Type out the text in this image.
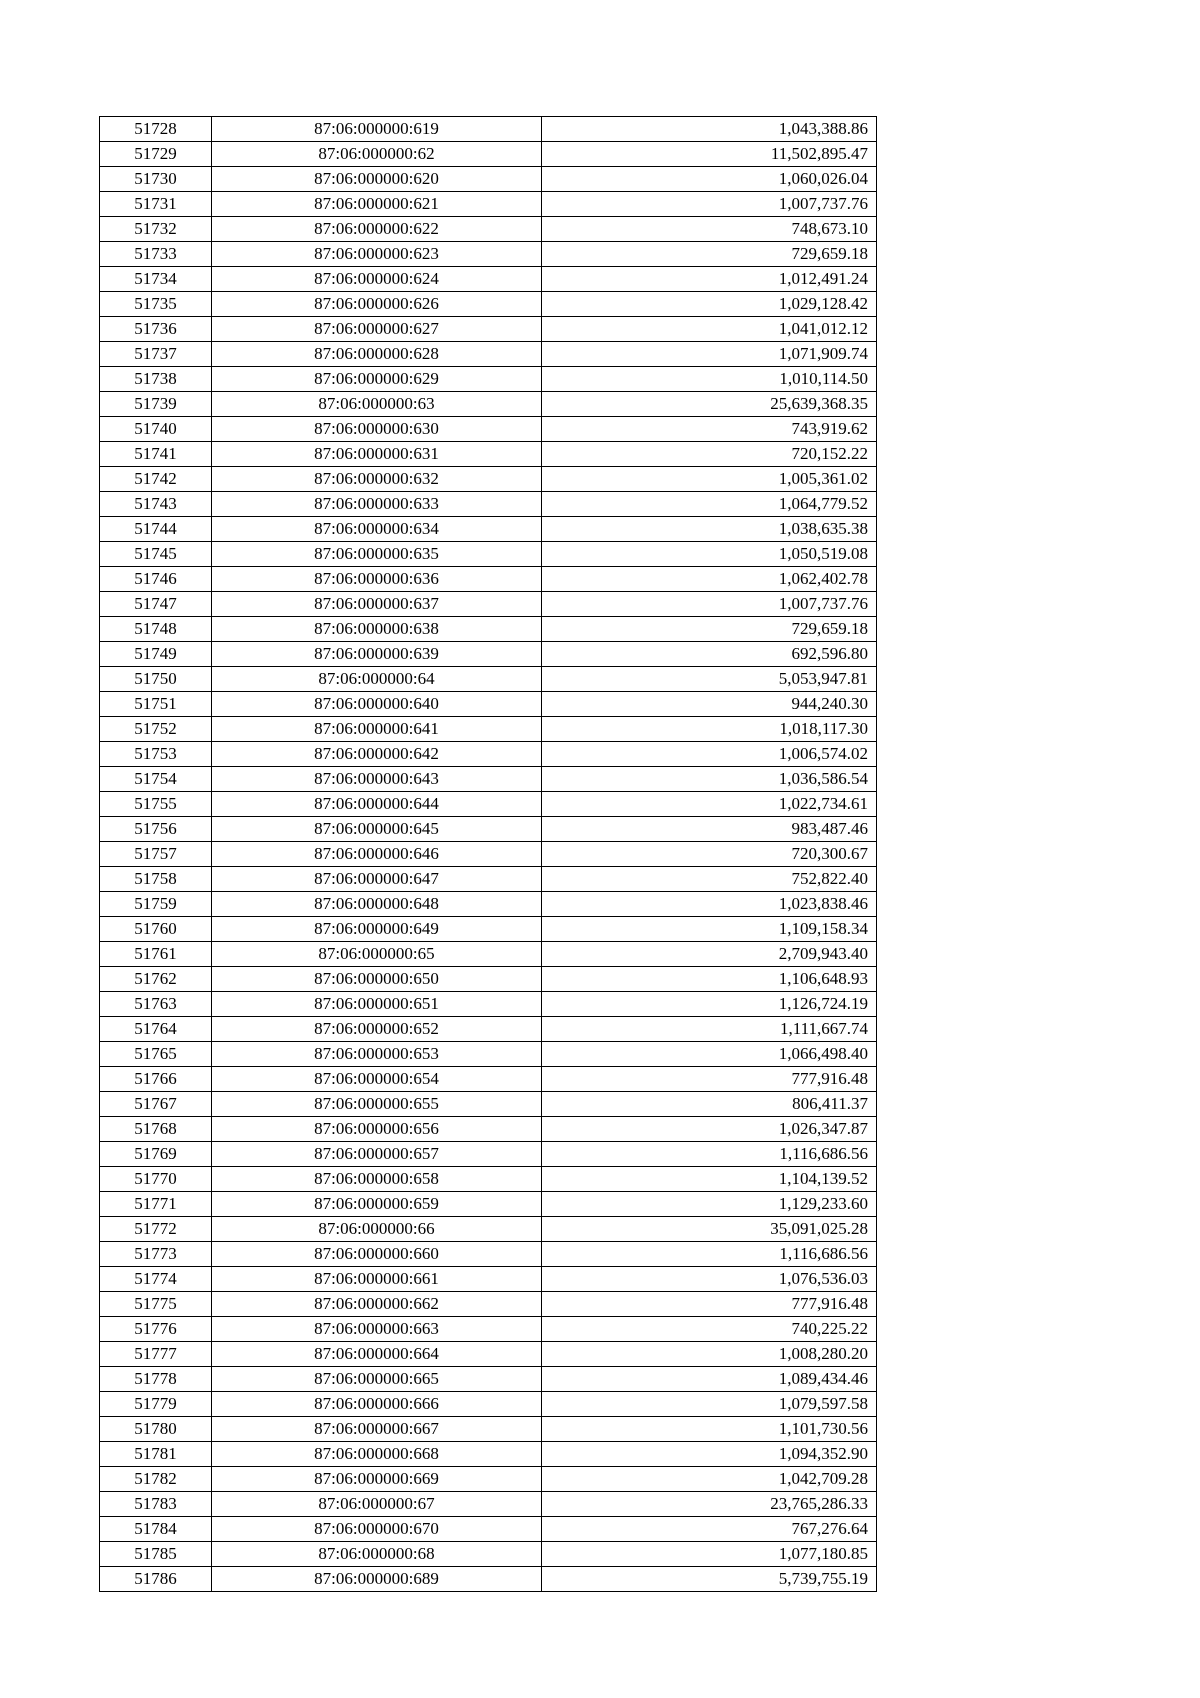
51728	87:06:000000:619	1,043,388.86
51729	87:06:000000:62	11,502,895.47
51730	87:06:000000:620	1,060,026.04
51731	87:06:000000:621	1,007,737.76
51732	87:06:000000:622	748,673.10
51733	87:06:000000:623	729,659.18
51734	87:06:000000:624	1,012,491.24
51735	87:06:000000:626	1,029,128.42
51736	87:06:000000:627	1,041,012.12
51737	87:06:000000:628	1,071,909.74
51738	87:06:000000:629	1,010,114.50
51739	87:06:000000:63	25,639,368.35
51740	87:06:000000:630	743,919.62
51741	87:06:000000:631	720,152.22
51742	87:06:000000:632	1,005,361.02
51743	87:06:000000:633	1,064,779.52
51744	87:06:000000:634	1,038,635.38
51745	87:06:000000:635	1,050,519.08
51746	87:06:000000:636	1,062,402.78
51747	87:06:000000:637	1,007,737.76
51748	87:06:000000:638	729,659.18
51749	87:06:000000:639	692,596.80
51750	87:06:000000:64	5,053,947.81
51751	87:06:000000:640	944,240.30
51752	87:06:000000:641	1,018,117.30
51753	87:06:000000:642	1,006,574.02
51754	87:06:000000:643	1,036,586.54
51755	87:06:000000:644	1,022,734.61
51756	87:06:000000:645	983,487.46
51757	87:06:000000:646	720,300.67
51758	87:06:000000:647	752,822.40
51759	87:06:000000:648	1,023,838.46
51760	87:06:000000:649	1,109,158.34
51761	87:06:000000:65	2,709,943.40
51762	87:06:000000:650	1,106,648.93
51763	87:06:000000:651	1,126,724.19
51764	87:06:000000:652	1,111,667.74
51765	87:06:000000:653	1,066,498.40
51766	87:06:000000:654	777,916.48
51767	87:06:000000:655	806,411.37
51768	87:06:000000:656	1,026,347.87
51769	87:06:000000:657	1,116,686.56
51770	87:06:000000:658	1,104,139.52
51771	87:06:000000:659	1,129,233.60
51772	87:06:000000:66	35,091,025.28
51773	87:06:000000:660	1,116,686.56
51774	87:06:000000:661	1,076,536.03
51775	87:06:000000:662	777,916.48
51776	87:06:000000:663	740,225.22
51777	87:06:000000:664	1,008,280.20
51778	87:06:000000:665	1,089,434.46
51779	87:06:000000:666	1,079,597.58
51780	87:06:000000:667	1,101,730.56
51781	87:06:000000:668	1,094,352.90
51782	87:06:000000:669	1,042,709.28
51783	87:06:000000:67	23,765,286.33
51784	87:06:000000:670	767,276.64
51785	87:06:000000:68	1,077,180.85
51786	87:06:000000:689	5,739,755.19
